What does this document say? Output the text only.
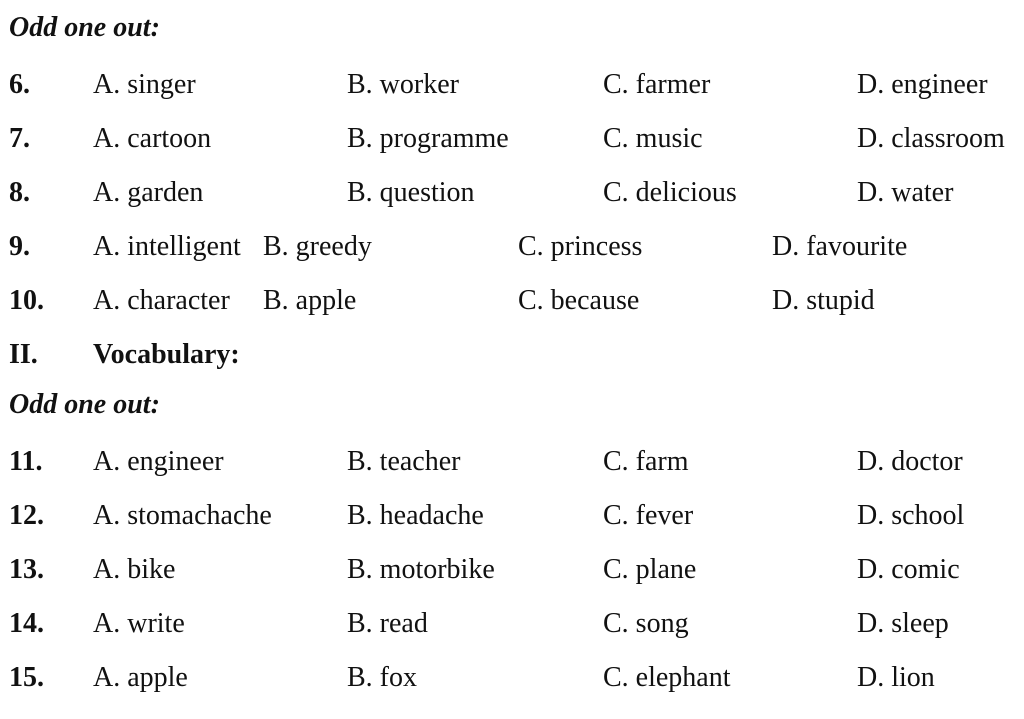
Odd one out:
6. A. singer	B. worker	C. farmer	D. engineer
7. A. cartoon	B. programme	C. music	D. classroom
8. A. garden	B. question	C. delicious	D. water
9. A. intelligent B. greedy	C. princess	D. favourite
10. A. character B. apple	C. because	D. stupid
II. Vocabulary:
Odd one out:
11. A. engineer	B. teacher	C. farm	D. doctor
12. A. stomachache	B. headache	C. fever	D. school
13. A. bike	B. motorbike	C. plane	D. comic
14. A. write	B. read	C. song	D. sleep
15. A. apple	B. fox	C. elephant	D. lion
